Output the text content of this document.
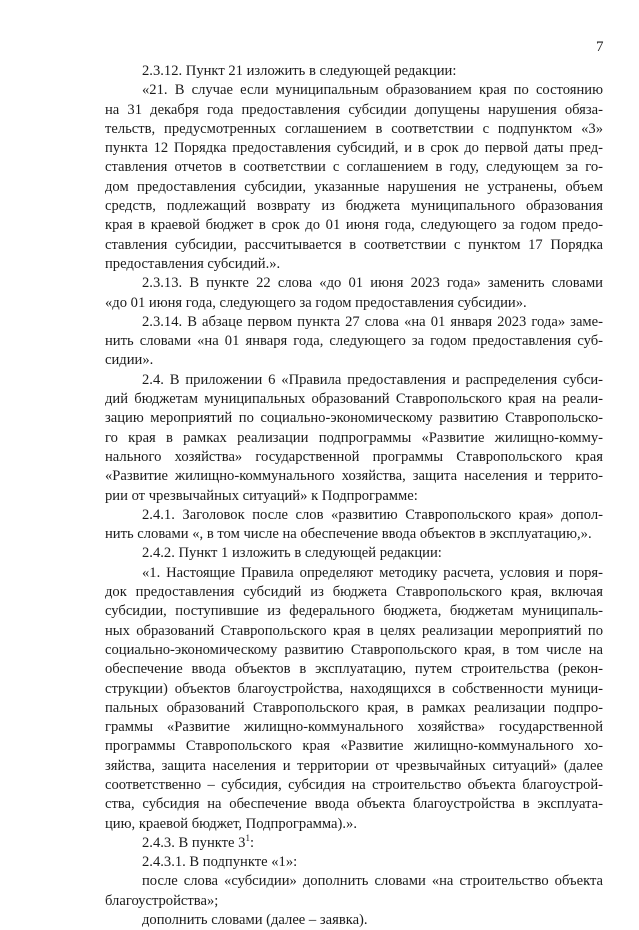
7
2.3.12. Пункт 21 изложить в следующей редакции:
«21. В случае если муниципальным образованием края по состоянию
на 31 декабря года предоставления субсидии допущены нарушения обяза-
тельств, предусмотренных соглашением в соответствии с подпунктом «3»
пункта 12 Порядка предоставления субсидий, и в срок до первой даты пред-
ставления отчетов в соответствии с соглашением в году, следующем за го-
дом предоставления субсидии, указанные нарушения не устранены, объем
средств, подлежащий возврату из бюджета муниципального образования
края в краевой бюджет в срок до 01 июня года, следующего за годом предо-
ставления субсидии, рассчитывается в соответствии с пунктом 17 Порядка
предоставления субсидий.».
2.3.13. В пункте 22 слова «до 01 июня 2023 года» заменить словами
«до 01 июня года, следующего за годом предоставления субсидии».
2.3.14. В абзаце первом пункта 27 слова «на 01 января 2023 года» заме-
нить словами «на 01 января года, следующего за годом предоставления суб-
сидии».
2.4. В приложении 6 «Правила предоставления и распределения субси-
дий бюджетам муниципальных образований Ставропольского края на реали-
зацию мероприятий по социально-экономическому развитию Ставропольско-
го края в рамках реализации подпрограммы «Развитие жилищно-комму-
нального хозяйства» государственной программы Ставропольского края
«Развитие жилищно-коммунального хозяйства, защита населения и террито-
рии от чрезвычайных ситуаций» к Подпрограмме:
2.4.1. Заголовок после слов «развитию Ставропольского края» допол-
нить словами «, в том числе на обеспечение ввода объектов в эксплуатацию,».
2.4.2. Пункт 1 изложить в следующей редакции:
«1. Настоящие Правила определяют методику расчета, условия и поря-
док предоставления субсидий из бюджета Ставропольского края, включая
субсидии, поступившие из федерального бюджета, бюджетам муниципаль-
ных образований Ставропольского края в целях реализации мероприятий по
социально-экономическому развитию Ставропольского края, в том числе на
обеспечение ввода объектов в эксплуатацию, путем строительства (рекон-
струкции) объектов благоустройства, находящихся в собственности муници-
пальных образований Ставропольского края, в рамках реализации подпро-
граммы «Развитие жилищно-коммунального хозяйства» государственной
программы Ставропольского края «Развитие жилищно-коммунального хо-
зяйства, защита населения и территории от чрезвычайных ситуаций» (далее
соответственно – субсидия, субсидия на строительство объекта благоустрой-
ства, субсидия на обеспечение ввода объекта благоустройства в эксплуата-
цию, краевой бюджет, Подпрограмма).».
2.4.3. В пункте $3^1$:
2.4.3.1. В подпункте «1»:
после слова «субсидии» дополнить словами «на строительство объекта
благоустройства»;
дополнить словами (далее – заявка).
